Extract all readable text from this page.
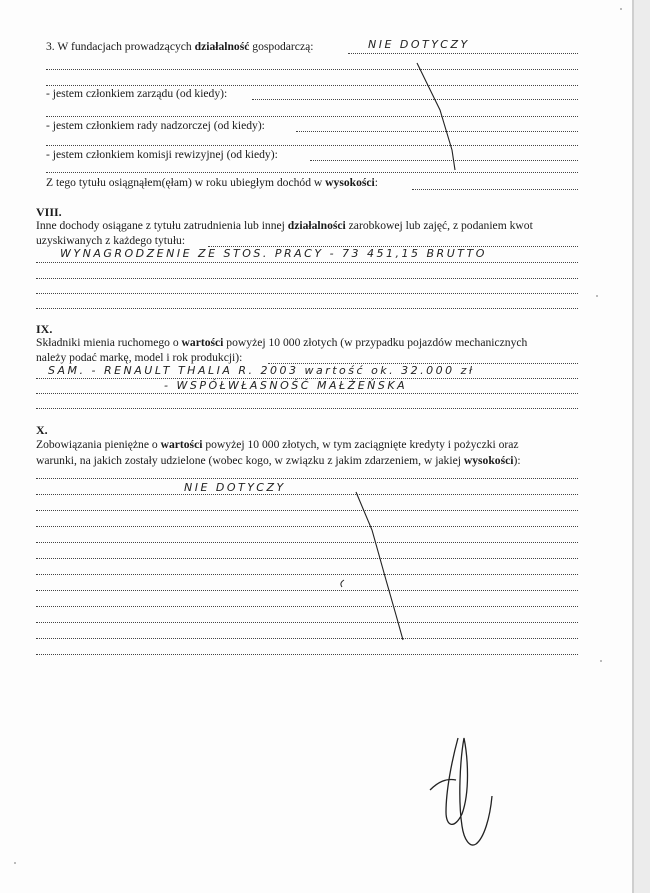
3. W fundacjach prowadzących działalność gospodarczą:	NIE DOTYCZY
- jestem członkiem zarządu (od kiedy):
- jestem członkiem rady nadzorczej (od kiedy):
- jestem członkiem komisji rewizyjnej (od kiedy):
Z tego tytułu osiągnąłem(ęłam) w roku ubiegłym dochód w wysokości:
VIII.
Inne dochody osiągane z tytułu zatrudnienia lub innej działalności zarobkowej lub zajęć, z podaniem kwot
uzyskiwanych z każdego tytułu:
WYNAGRODZENIE ZE STOS. PRACY - 73 451,15 BRUTTO
IX.
Składniki mienia ruchomego o wartości powyżej 10 000 złotych (w przypadku pojazdów mechanicznych
należy podać markę, model i rok produkcji):
SAM. - RENAULT THALIA R. 2003 wartość ok. 32.000 zł
- WSPÓŁWŁASNOŚĆ MAŁŻEŃSKA
X.
Zobowiązania pieniężne o wartości powyżej 10 000 złotych, w tym zaciągnięte kredyty i pożyczki oraz
warunki, na jakich zostały udzielone (wobec kogo, w związku z jakim zdarzeniem, w jakiej wysokości):
NIE DOTYCZY
